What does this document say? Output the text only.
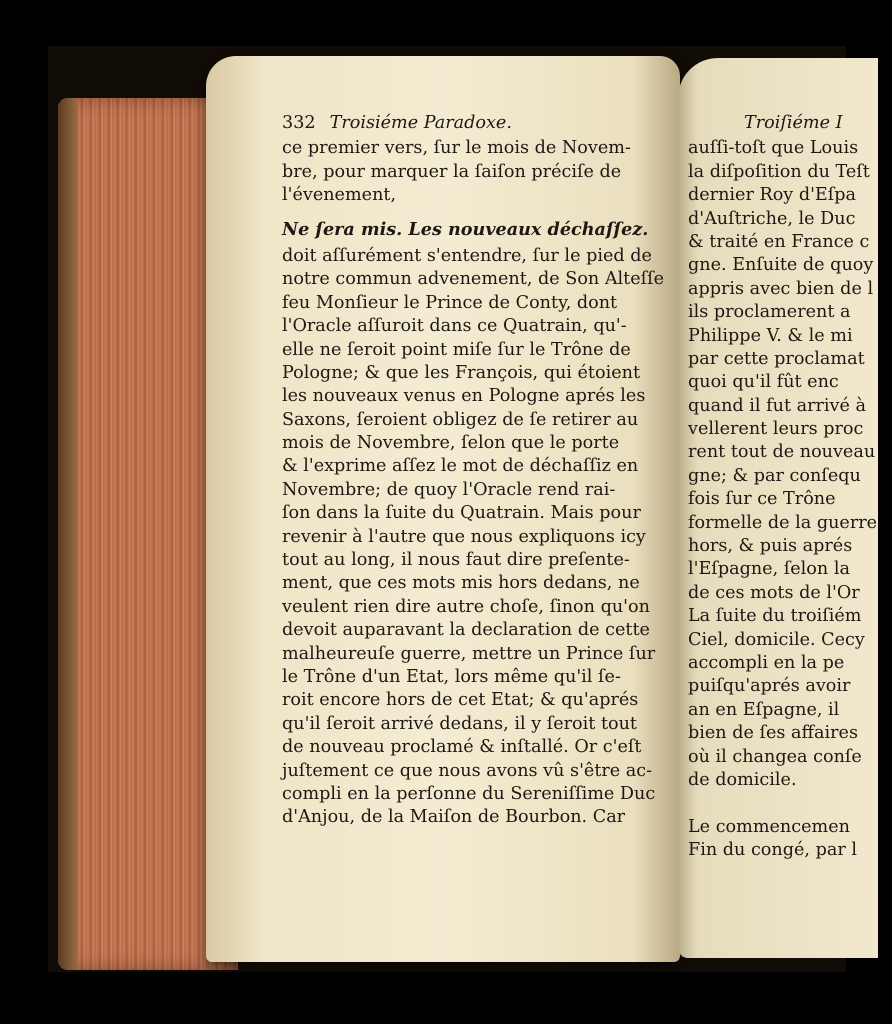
332 Troisiéme Paradoxe.
ce premier vers, ſur le mois de Novem-
bre, pour marquer la ſaiſon préciſe de
l'évenement,
Ne ſera mis. Les nouveaux déchaſſez.
doit aſſurément s'entendre, ſur le pied de
notre commun advenement, de Son Alteſſe
feu Monſieur le Prince de Conty, dont
l'Oracle aſſuroit dans ce Quatrain, qu'-
elle ne ſeroit point miſe ſur le Trône de
Pologne; & que les François, qui étoient
les nouveaux venus en Pologne aprés les
Saxons, ſeroient obligez de ſe retirer au
mois de Novembre, ſelon que le porte
& l'exprime aſſez le mot de déchaſſiz en
Novembre; de quoy l'Oracle rend rai-
ſon dans la ſuite du Quatrain. Mais pour
revenir à l'autre que nous expliquons icy
tout au long, il nous faut dire preſente-
ment, que ces mots mis hors dedans, ne
veulent rien dire autre choſe, ſinon qu'on
devoit auparavant la declaration de cette
malheureuſe guerre, mettre un Prince ſur
le Trône d'un Etat, lors même qu'il ſe-
roit encore hors de cet Etat; & qu'aprés
qu'il ſeroit arrivé dedans, il y ſeroit tout
de nouveau proclamé & inſtallé. Or c'eſt
juſtement ce que nous avons vû s'être ac-
compli en la perſonne du Sereniſſime Duc
d'Anjou, de la Maiſon de Bourbon. Car
Troiſiéme I
auſſi-toſt que Louis
la diſpoſition du Teſt
dernier Roy d'Eſpa
d'Auſtriche, le Duc
& traité en France c
gne. Enſuite de quoy
appris avec bien de l
ils proclamerent a
Philippe V. & le mi
par cette proclamat
quoi qu'il fût enc
quand il fut arrivé à
vellerent leurs proc
rent tout de nouveau
gne; & par conſequ
fois ſur ce Trône
formelle de la guerre
hors, & puis aprés
l'Eſpagne, ſelon la
de ces mots de l'Or
La ſuite du troiſiém
Ciel, domicile. Cecy
accompli en la pe
puiſqu'aprés avoir
an en Eſpagne, il
bien de ſes affaires
où il changea conſe
de domicile.
Le commencemen
Fin du congé, par l
